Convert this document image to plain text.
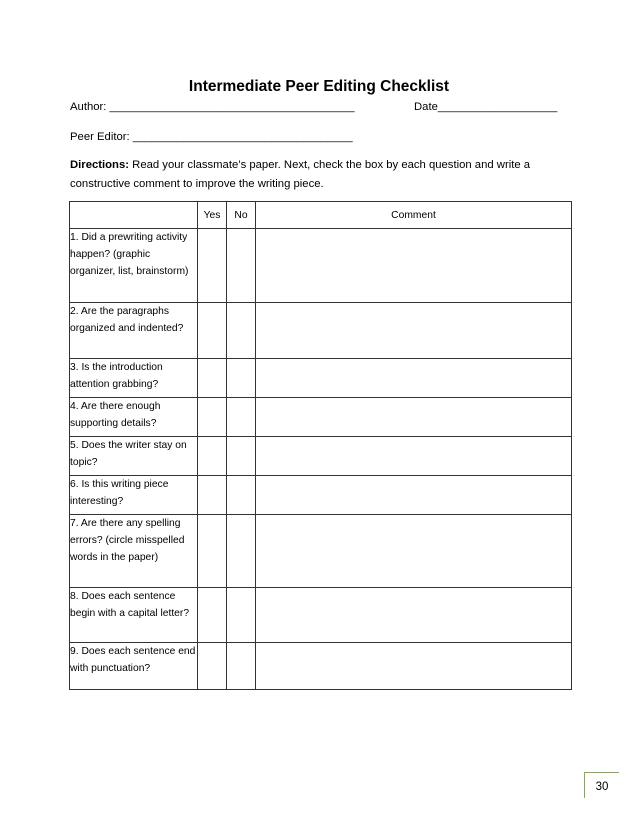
Intermediate Peer Editing Checklist
Author: _______________________________________	Date___________________
Peer Editor: ___________________________________
Directions: Read your classmate’s paper. Next, check the box by each question and write a
constructive comment to improve the writing piece.
	Yes	No	Comment
1. Did a prewriting activity happen? (graphic organizer, list, brainstorm)			
2. Are the paragraphs organized and indented?			
3. Is the introduction attention grabbing?			
4. Are there enough supporting details?			
5. Does the writer stay on topic?			
6. Is this writing piece interesting?			
7. Are there any spelling errors? (circle misspelled words in the paper)			
8. Does each sentence begin with a capital letter?			
9. Does each sentence end with punctuation?			
30
